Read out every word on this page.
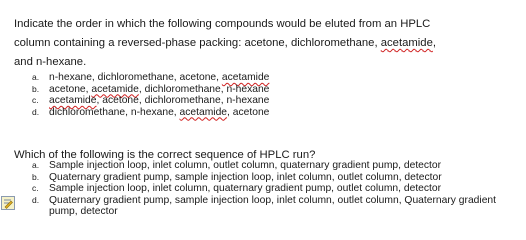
Indicate the order in which the following compounds would be eluted from an HPLC
column containing a reversed-phase packing: acetone, dichloromethane, acetamide,
and n-hexane.

a. n-hexane, dichloromethane, acetone, acetamide
b. acetone, acetamide, dichloromethane, n-hexane
c. acetamide, acetone, dichloromethane, n-hexane
d. dichloromethane, n-hexane, acetamide, acetone

Which of the following is the correct sequence of HPLC run?

a. Sample injection loop, inlet column, outlet column, quaternary gradient pump, detector
b. Quaternary gradient pump, sample injection loop, inlet column, outlet column, detector
c. Sample injection loop, inlet column, quaternary gradient pump, outlet column, detector
d. Quaternary gradient pump, sample injection loop, inlet column, outlet column, Quaternary gradient pump, detector
